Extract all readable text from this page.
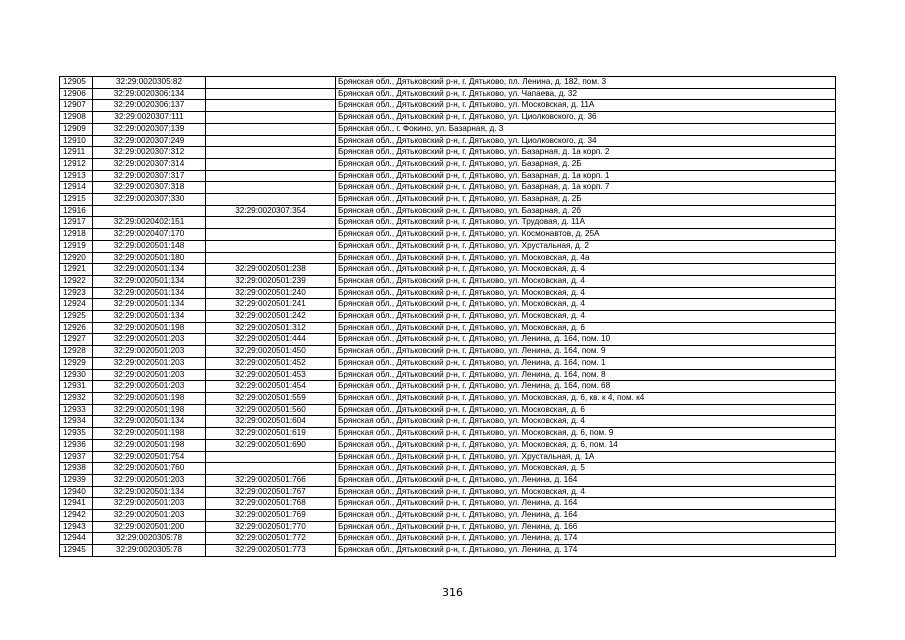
12905	32:29:0020305:82		Брянская обл., Дятьковский р-н, г. Дятьково, пл. Ленина, д. 182, пом. 3
12906	32:29:0020306:134		Брянская обл., Дятьковский р-н, г. Дятьково, ул. Чапаева, д. 32
12907	32:29:0020306:137		Брянская обл., Дятьковский р-н, г. Дятьково, ул. Московская, д. 11А
12908	32:29:0020307:111		Брянская обл., Дятьковский р-н, г. Дятьково, ул. Циолковского, д. 36
12909	32:29:0020307:139		Брянская обл., г. Фокино, ул. Базарная, д. 3
12910	32:29:0020307:249		Брянская обл., Дятьковский р-н, г. Дятьково, ул. Циолковского, д. 34
12911	32:29:0020307:312		Брянская обл., Дятьковский р-н, г. Дятьково, ул. Базарная, д. 1а корп. 2
12912	32:29:0020307:314		Брянская обл., Дятьковский р-н, г. Дятьково, ул. Базарная, д. 2Б
12913	32:29:0020307:317		Брянская обл., Дятьковский р-н, г. Дятьково, ул. Базарная, д. 1а корп. 1
12914	32:29:0020307:318		Брянская обл., Дятьковский р-н, г. Дятьково, ул. Базарная, д. 1а корп. 7
12915	32:29:0020307:330		Брянская обл., Дятьковский р-н, г. Дятьково, ул. Базарная, д. 2Б
12916		32:29:0020307:354	Брянская обл., Дятьковский р-н, г. Дятьково, ул. Базарная, д. 2б
12917	32:29:0020402:151		Брянская обл., Дятьковский р-н, г. Дятьково, ул. Трудовая, д. 11А
12918	32:29:0020407:170		Брянская обл., Дятьковский р-н, г. Дятьково, ул. Космонавтов, д. 25А
12919	32:29:0020501:148		Брянская обл., Дятьковский р-н, г. Дятьково, ул. Хрустальная, д. 2
12920	32:29:0020501:180		Брянская обл., Дятьковский р-н, г. Дятьково, ул. Московская, д. 4а
12921	32:29:0020501:134	32:29:0020501:238	Брянская обл., Дятьковский р-н, г. Дятьково, ул. Московская, д. 4
12922	32:29:0020501:134	32:29:0020501:239	Брянская обл., Дятьковский р-н, г. Дятьково, ул. Московская, д. 4
12923	32:29:0020501:134	32:29:0020501:240	Брянская обл., Дятьковский р-н, г. Дятьково, ул. Московская, д. 4
12924	32:29:0020501:134	32:29:0020501:241	Брянская обл., Дятьковский р-н, г. Дятьково, ул. Московская, д. 4
12925	32:29:0020501:134	32:29:0020501:242	Брянская обл., Дятьковский р-н, г. Дятьково, ул. Московская, д. 4
12926	32:29:0020501:198	32:29:0020501:312	Брянская обл., Дятьковский р-н, г. Дятьково, ул. Московская, д. 6
12927	32:29:0020501:203	32:29:0020501:444	Брянская обл., Дятьковский р-н, г. Дятьково, ул. Ленина, д. 164, пом. 10
12928	32:29:0020501:203	32:29:0020501:450	Брянская обл., Дятьковский р-н, г. Дятьково, ул. Ленина, д. 164, пом. 9
12929	32:29:0020501:203	32:29:0020501:452	Брянская обл., Дятьковский р-н, г. Дятьково, ул. Ленина, д. 164, пом. 1
12930	32:29:0020501:203	32:29:0020501:453	Брянская обл., Дятьковский р-н, г. Дятьково, ул. Ленина, д. 164, пом. 8
12931	32:29:0020501:203	32:29:0020501:454	Брянская обл., Дятьковский р-н, г. Дятьково, ул. Ленина, д. 164, пом. 68
12932	32:29:0020501:198	32:29:0020501:559	Брянская обл., Дятьковский р-н, г. Дятьково, ул. Московская, д. 6, кв. к 4, пом. к4
12933	32:29:0020501:198	32:29:0020501:560	Брянская обл., Дятьковский р-н, г. Дятьково, ул. Московская, д. 6
12934	32:29:0020501:134	32:29:0020501:604	Брянская обл., Дятьковский р-н, г. Дятьково, ул. Московская, д. 4
12935	32:29:0020501:198	32:29:0020501:619	Брянская обл., Дятьковский р-н, г. Дятьково, ул. Московская, д. 6, пом. 9
12936	32:29:0020501:198	32:29:0020501:690	Брянская обл., Дятьковский р-н, г. Дятьково, ул. Московская, д. 6, пом. 14
12937	32:29:0020501:754		Брянская обл., Дятьковский р-н, г. Дятьково, ул. Хрустальная, д. 1А
12938	32:29:0020501:760		Брянская обл., Дятьковский р-н, г. Дятьково, ул. Московская, д. 5
12939	32:29:0020501:203	32:29:0020501:766	Брянская обл., Дятьковский р-н, г. Дятьково, ул. Ленина, д. 164
12940	32:29:0020501:134	32:29:0020501:767	Брянская обл., Дятьковский р-н, г. Дятьково, ул. Московская, д. 4
12941	32:29:0020501:203	32:29:0020501:768	Брянская обл., Дятьковский р-н, г. Дятьково, ул. Ленина, д. 164
12942	32:29:0020501:203	32:29:0020501:769	Брянская обл., Дятьковский р-н, г. Дятьково, ул. Ленина, д. 164
12943	32:29:0020501:200	32:29:0020501:770	Брянская обл., Дятьковский р-н, г. Дятьково, ул. Ленина, д. 166
12944	32:29:0020305:78	32:29:0020501:772	Брянская обл., Дятьковский р-н, г. Дятьково, ул. Ленина, д. 174
12945	32:29:0020305:78	32:29:0020501:773	Брянская обл., Дятьковский р-н, г. Дятьково, ул. Ленина, д. 174
316
